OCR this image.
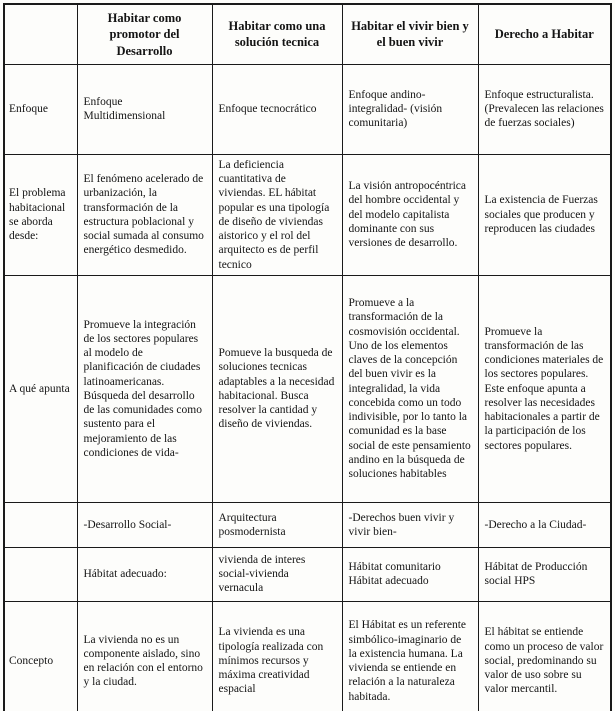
	Habitar como promotor del Desarrollo	Habitar como una solución tecnica	Habitar el vivir bien y el buen vivir	Derecho a Habitar
Enfoque	Enfoque Multidimensional	Enfoque tecnocrático	Enfoque andino-integralidad- (visión comunitaria)	Enfoque estructuralista. (Prevalecen las relaciones de fuerzas sociales)
El problema habitacional se aborda desde:	El fenómeno acelerado de urbanización, la transformación de la estructura poblacional y social sumada al consumo energético desmedido.	La deficiencia cuantitativa de viviendas. EL hábitat popular es una tipología de diseño de viviendas aistorico y el rol del arquitecto es de perfil tecnico	La visión antropocéntrica del hombre occidental y del modelo capitalista dominante con sus versiones de desarrollo.	La existencia de Fuerzas sociales que producen y reproducen las ciudades
A qué apunta	Promueve la integración de los sectores populares al modelo de planificación de ciudades latinoamericanas. Búsqueda del desarrollo de las comunidades como sustento para el mejoramiento de las condiciones de vida-	Pomueve la busqueda de soluciones tecnicas adaptables a la necesidad habitacional. Busca resolver la cantidad y diseño de viviendas.	Promueve a la transformación de la cosmovisión occidental. Uno de los elementos claves de la concepción del buen vivir es la integralidad, la vida concebida como un todo indivisible, por lo tanto la comunidad es la base social de este pensamiento andino en la búsqueda de soluciones habitables	Promueve la transformación de las condiciones materiales de los sectores populares. Este enfoque apunta a resolver las necesidades habitacionales a partir de la participación de los sectores populares.
	-Desarrollo Social-	Arquitectura posmodernista	-Derechos buen vivir y vivir bien-	-Derecho a la Ciudad-
	Hábitat adecuado:	vivienda de interes social-vivienda vernacula	Hábitat comunitario Hábitat adecuado	Hábitat de Producción social HPS
Concepto	La vivienda no es un componente aislado, sino en relación con el entorno y la ciudad.	La vivienda es una tipología realizada con mínimos recursos y máxima creatividad espacial	El Hábitat es un referente simbólico-imaginario de la existencia humana. La vivienda se entiende en relación a la naturaleza habitada.	El hábitat se entiende como un proceso de valor social, predominando su valor de uso sobre su valor mercantil.
